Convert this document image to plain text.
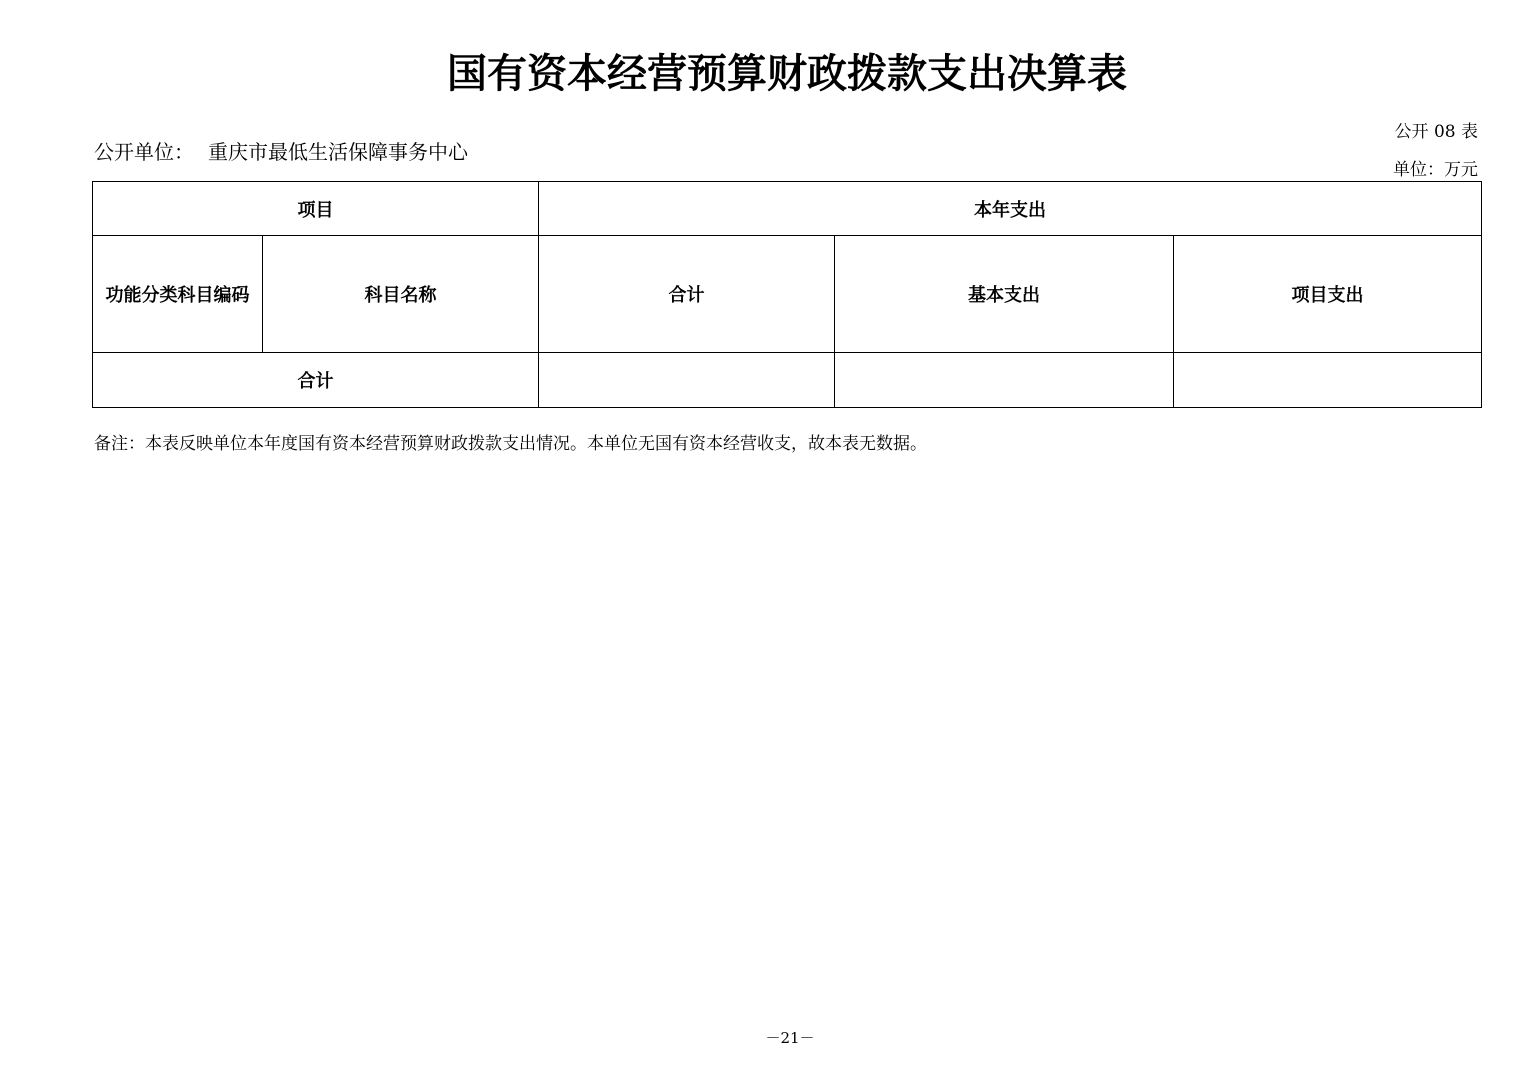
国有资本经营预算财政拨款支出决算表
公开 08 表
单位：万元
公开单位： 重庆市最低生活保障事务中心
项目		本年支出		
功能分类科目编码	科目名称	合计	基本支出	项目支出
合计				
备注：本表反映单位本年度国有资本经营预算财政拨款支出情况。本单位无国有资本经营收支，故本表无数据。
－21－
